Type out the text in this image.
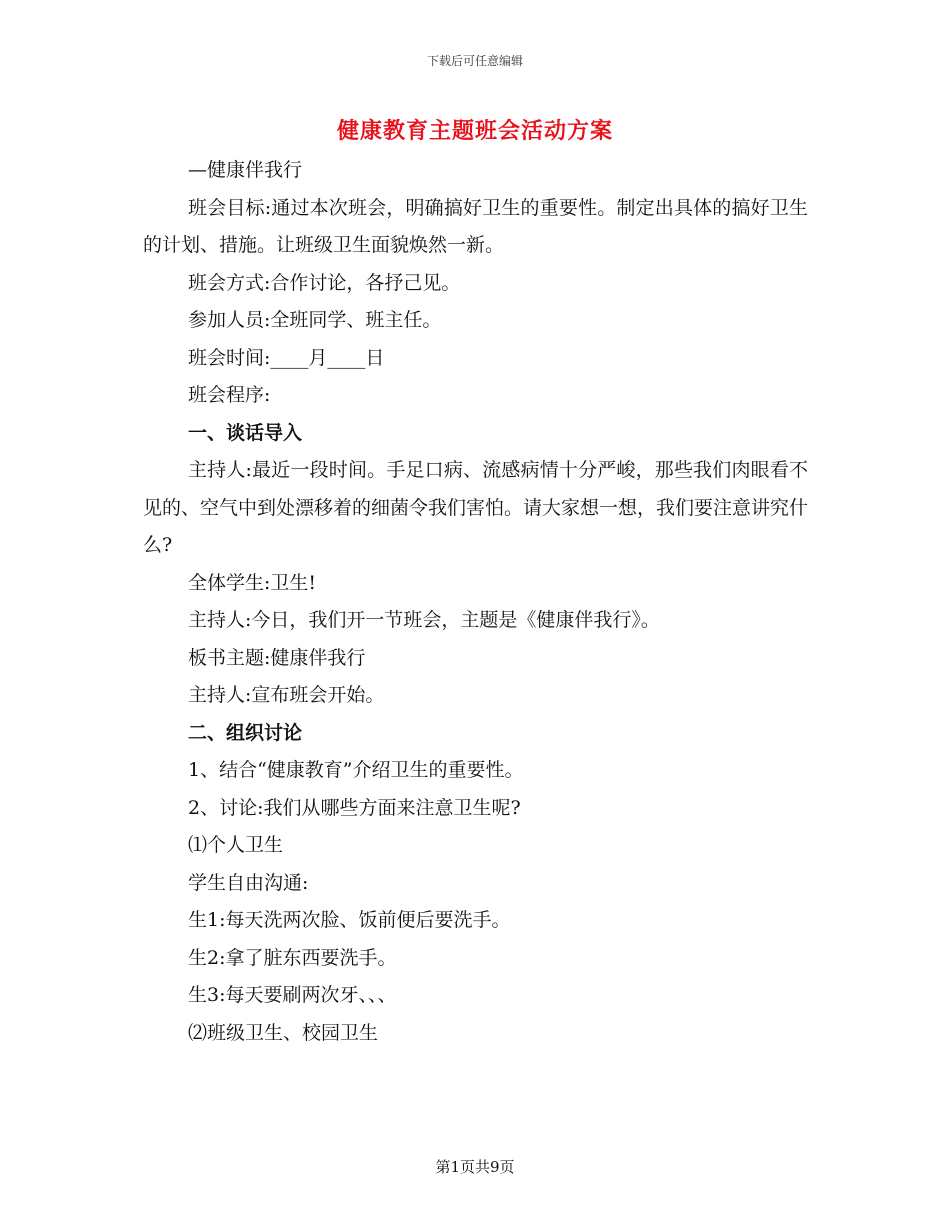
下载后可任意编辑
健康教育主题班会活动方案

—健康伴我行

班会目标:通过本次班会，明确搞好卫生的重要性。制定出具体的搞好卫生的计划、措施。让班级卫生面貌焕然一新。

班会方式:合作讨论，各抒己见。

参加人员:全班同学、班主任。

班会时间:____月____日

班会程序:

一、谈话导入

主持人:最近一段时间。手足口病、流感病情十分严峻，那些我们肉眼看不见的、空气中到处漂移着的细菌令我们害怕。请大家想一想，我们要注意讲究什么?

全体学生:卫生!

主持人:今日，我们开一节班会，主题是《健康伴我行》。

板书主题:健康伴我行

主持人:宣布班会开始。

二、组织讨论

1、结合“健康教育”介绍卫生的重要性。

2、讨论:我们从哪些方面来注意卫生呢?

⑴个人卫生

学生自由沟通:

生1:每天洗两次脸、饭前便后要洗手。

生2:拿了脏东西要洗手。

生3:每天要刷两次牙、、、

⑵班级卫生、校园卫生

第1页共9页
